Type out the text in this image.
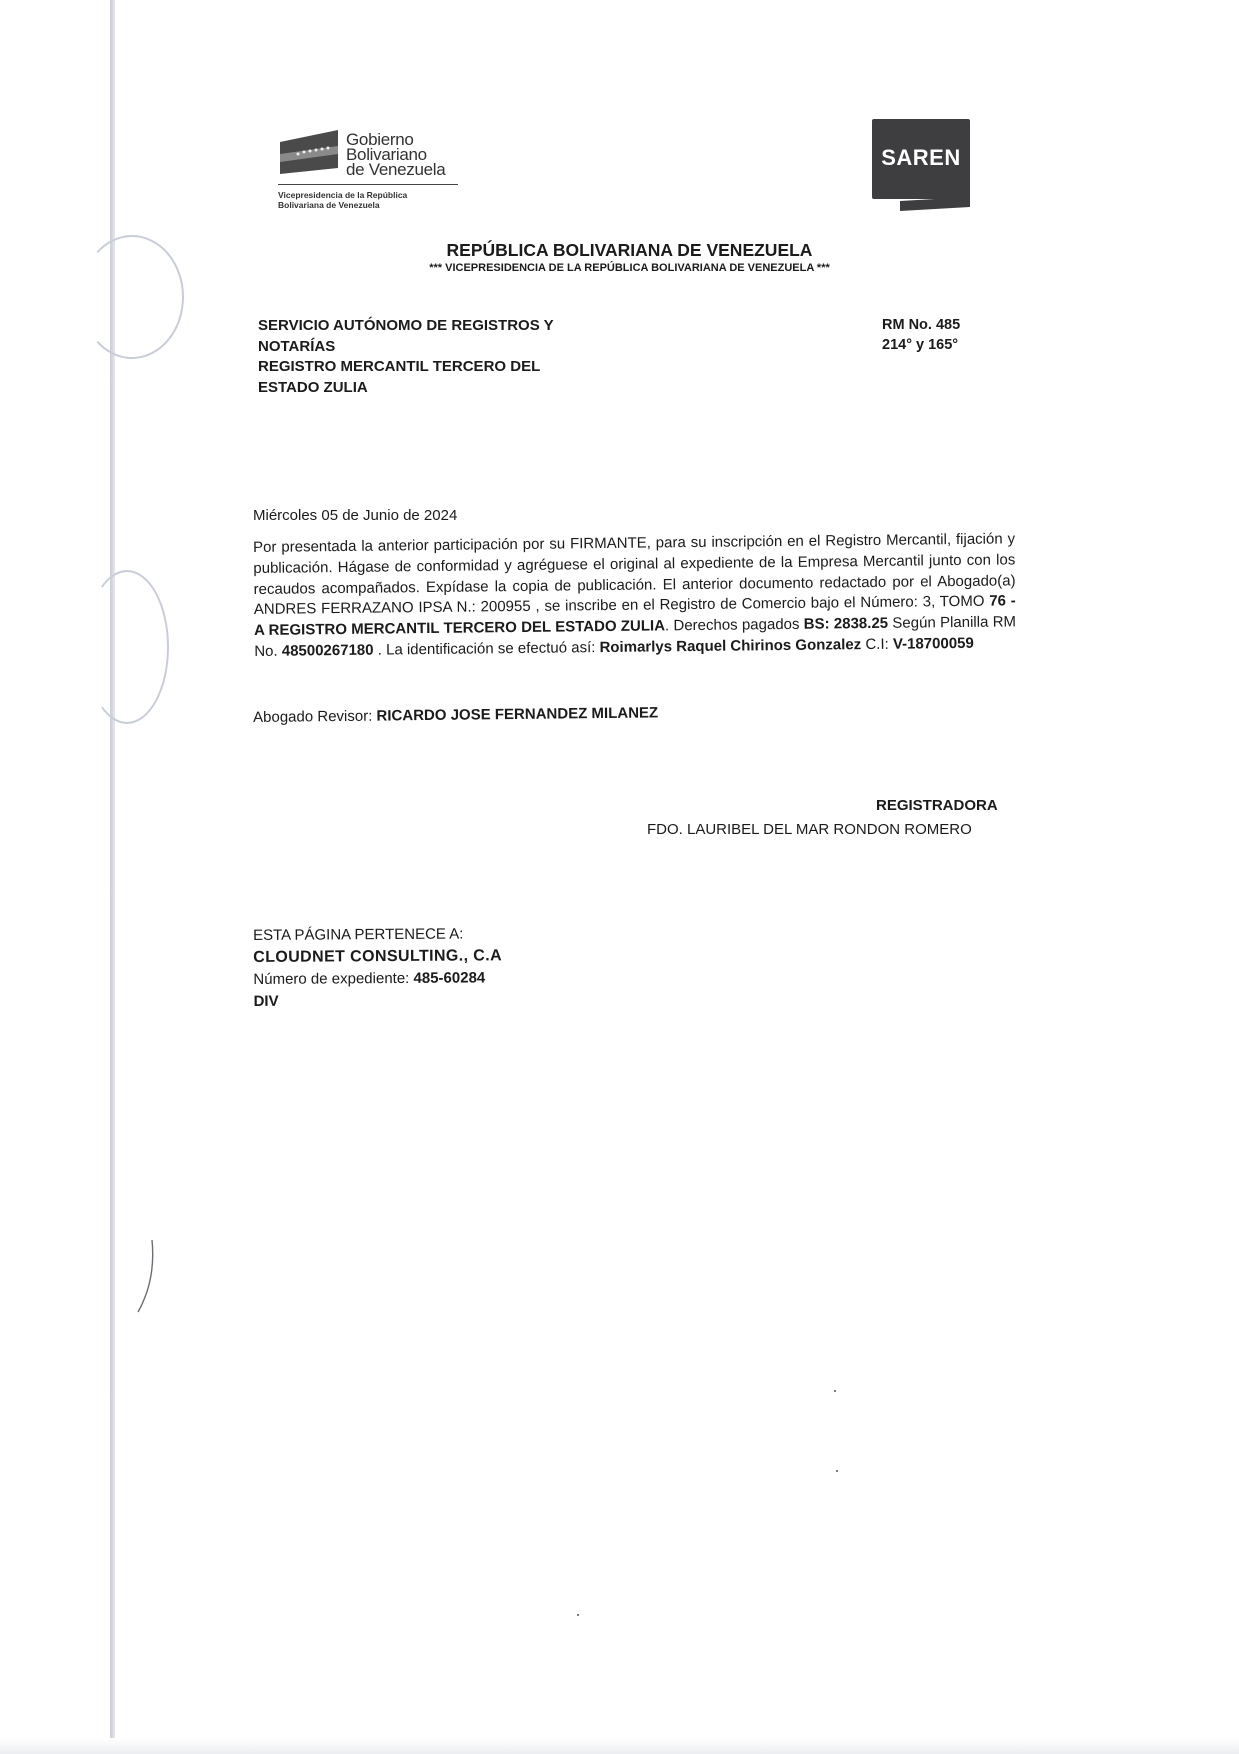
Gobierno
Bolivariano
de Venezuela
Vicepresidencia de la República
Bolivariana de Venezuela
SAREN
REPÚBLICA BOLIVARIANA DE VENEZUELA
*** VICEPRESIDENCIA DE LA REPÚBLICA BOLIVARIANA DE VENEZUELA ***
SERVICIO AUTÓNOMO DE REGISTROS Y
NOTARÍAS
REGISTRO MERCANTIL TERCERO DEL
ESTADO ZULIA
RM No. 485
214° y 165°
Miércoles 05 de Junio de 2024
Por presentada la anterior participación por su FIRMANTE, para su inscripción en el Registro Mercantil, fijación y publicación. Hágase de conformidad y agréguese el original al expediente de la Empresa Mercantil junto con los recaudos acompañados. Expídase la copia de publicación. El anterior documento redactado por el Abogado(a) ANDRES FERRAZANO IPSA N.: 200955 , se inscribe en el Registro de Comercio bajo el Número: 3, TOMO 76 - A REGISTRO MERCANTIL TERCERO DEL ESTADO ZULIA. Derechos pagados BS: 2838.25 Según Planilla RM No. 48500267180 . La identificación se efectuó así: Roimarlys Raquel Chirinos Gonzalez C.I: V-18700059
Abogado Revisor: RICARDO JOSE FERNANDEZ MILANEZ
REGISTRADORA
FDO. LAURIBEL DEL MAR RONDON ROMERO
ESTA PÁGINA PERTENECE A:
CLOUDNET CONSULTING., C.A
Número de expediente: 485-60284
DIV
